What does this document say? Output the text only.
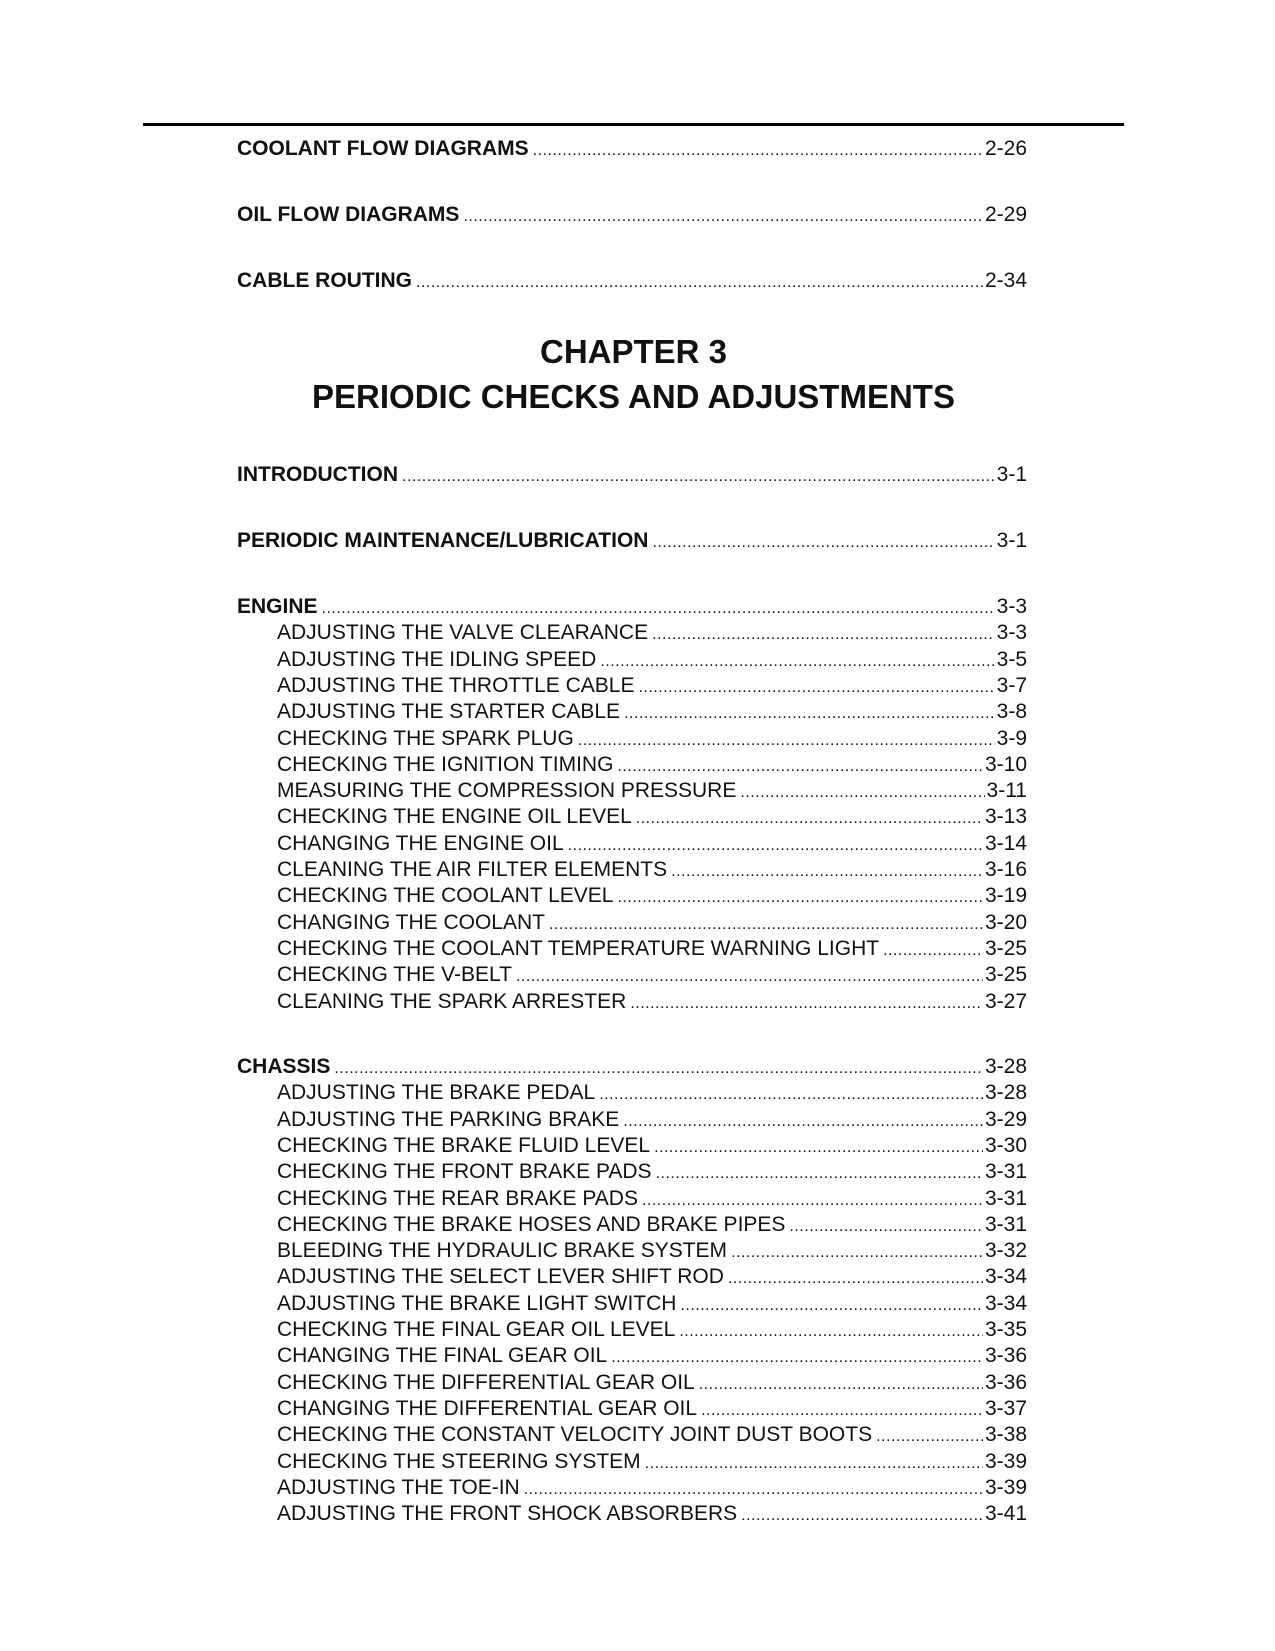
COOLANT FLOW DIAGRAMS .....	2-26
OIL FLOW DIAGRAMS .....	2-29
CABLE ROUTING .....	2-34
CHAPTER 3
PERIODIC CHECKS AND ADJUSTMENTS
INTRODUCTION .....	3-1
PERIODIC MAINTENANCE/LUBRICATION .....	3-1
ENGINE .....	3-3
ADJUSTING THE VALVE CLEARANCE .....	3-3
ADJUSTING THE IDLING SPEED .....	3-5
ADJUSTING THE THROTTLE CABLE .....	3-7
ADJUSTING THE STARTER CABLE .....	3-8
CHECKING THE SPARK PLUG .....	3-9
CHECKING THE IGNITION TIMING .....	3-10
MEASURING THE COMPRESSION PRESSURE .....	3-11
CHECKING THE ENGINE OIL LEVEL .....	3-13
CHANGING THE ENGINE OIL .....	3-14
CLEANING THE AIR FILTER ELEMENTS .....	3-16
CHECKING THE COOLANT LEVEL .....	3-19
CHANGING THE COOLANT .....	3-20
CHECKING THE COOLANT TEMPERATURE WARNING LIGHT .....	3-25
CHECKING THE V-BELT .....	3-25
CLEANING THE SPARK ARRESTER .....	3-27
CHASSIS .....	3-28
ADJUSTING THE BRAKE PEDAL .....	3-28
ADJUSTING THE PARKING BRAKE .....	3-29
CHECKING THE BRAKE FLUID LEVEL .....	3-30
CHECKING THE FRONT BRAKE PADS .....	3-31
CHECKING THE REAR BRAKE PADS .....	3-31
CHECKING THE BRAKE HOSES AND BRAKE PIPES .....	3-31
BLEEDING THE HYDRAULIC BRAKE SYSTEM .....	3-32
ADJUSTING THE SELECT LEVER SHIFT ROD .....	3-34
ADJUSTING THE BRAKE LIGHT SWITCH .....	3-34
CHECKING THE FINAL GEAR OIL LEVEL .....	3-35
CHANGING THE FINAL GEAR OIL .....	3-36
CHECKING THE DIFFERENTIAL GEAR OIL .....	3-36
CHANGING THE DIFFERENTIAL GEAR OIL .....	3-37
CHECKING THE CONSTANT VELOCITY JOINT DUST BOOTS .....	3-38
CHECKING THE STEERING SYSTEM .....	3-39
ADJUSTING THE TOE-IN .....	3-39
ADJUSTING THE FRONT SHOCK ABSORBERS .....	3-41
